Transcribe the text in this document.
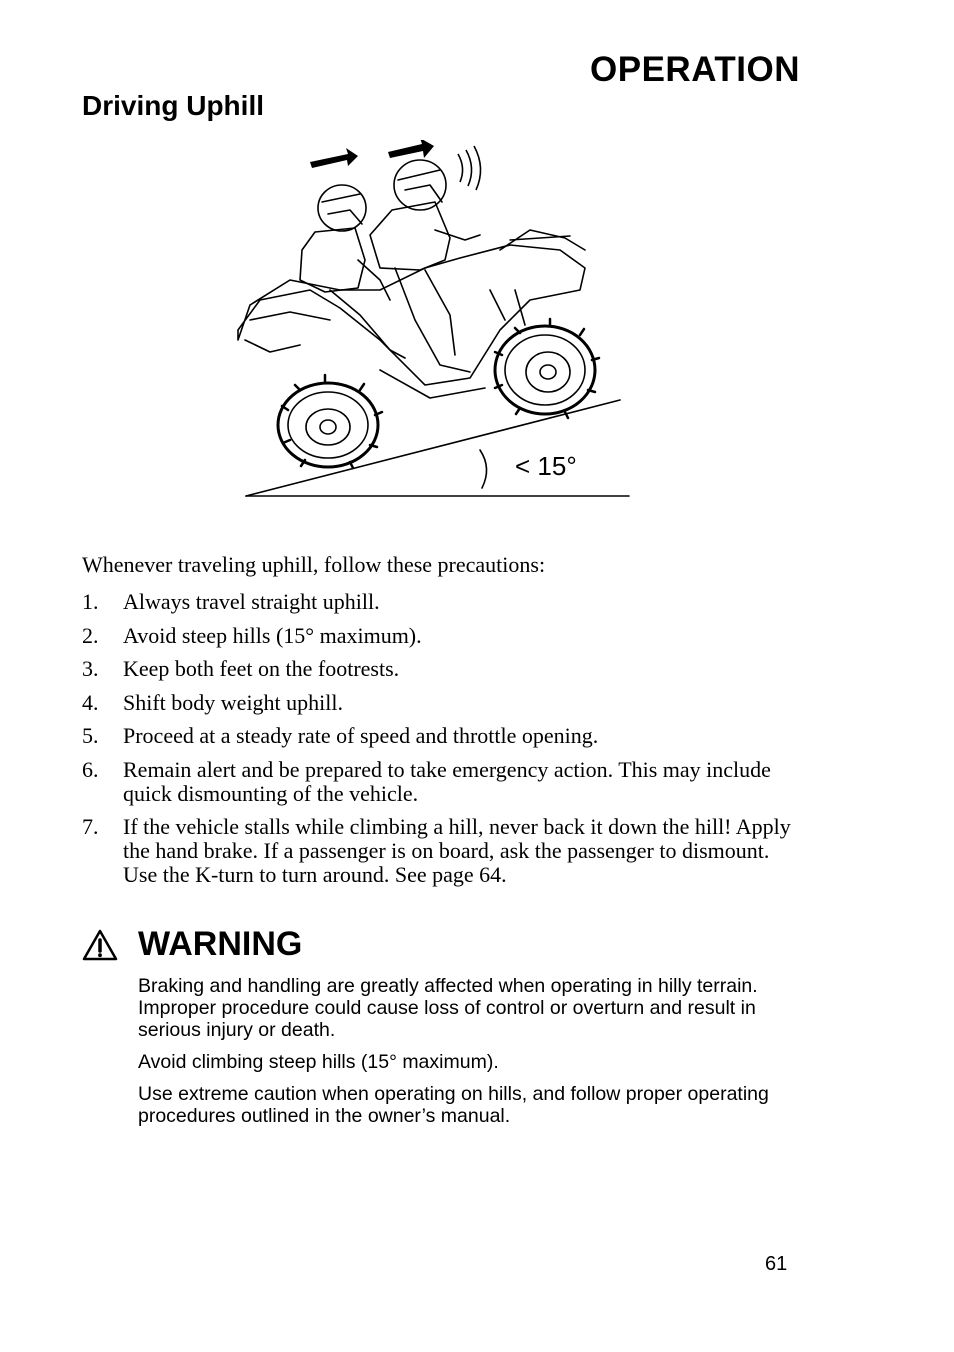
OPERATION
Driving Uphill
< 15°
Whenever traveling uphill, follow these precautions:
1.	Always travel straight uphill.
2.	Avoid steep hills (15° maximum).
3.	Keep both feet on the footrests.
4.	Shift body weight uphill.
5.	Proceed at a steady rate of speed and throttle opening.
6.	Remain alert and be prepared to take emergency action. This may include quick dismounting of the vehicle.
7.	If the vehicle stalls while climbing a hill, never back it down the hill! Apply the hand brake. If a passenger is on board, ask the passenger to dismount. Use the K-turn to turn around. See page 64.
WARNING

Braking and handling are greatly affected when operating in hilly terrain. Improper procedure could cause loss of control or overturn and result in serious injury or death.

Avoid climbing steep hills (15° maximum).

Use extreme caution when operating on hills, and follow proper operating procedures outlined in the owner’s manual.

61
